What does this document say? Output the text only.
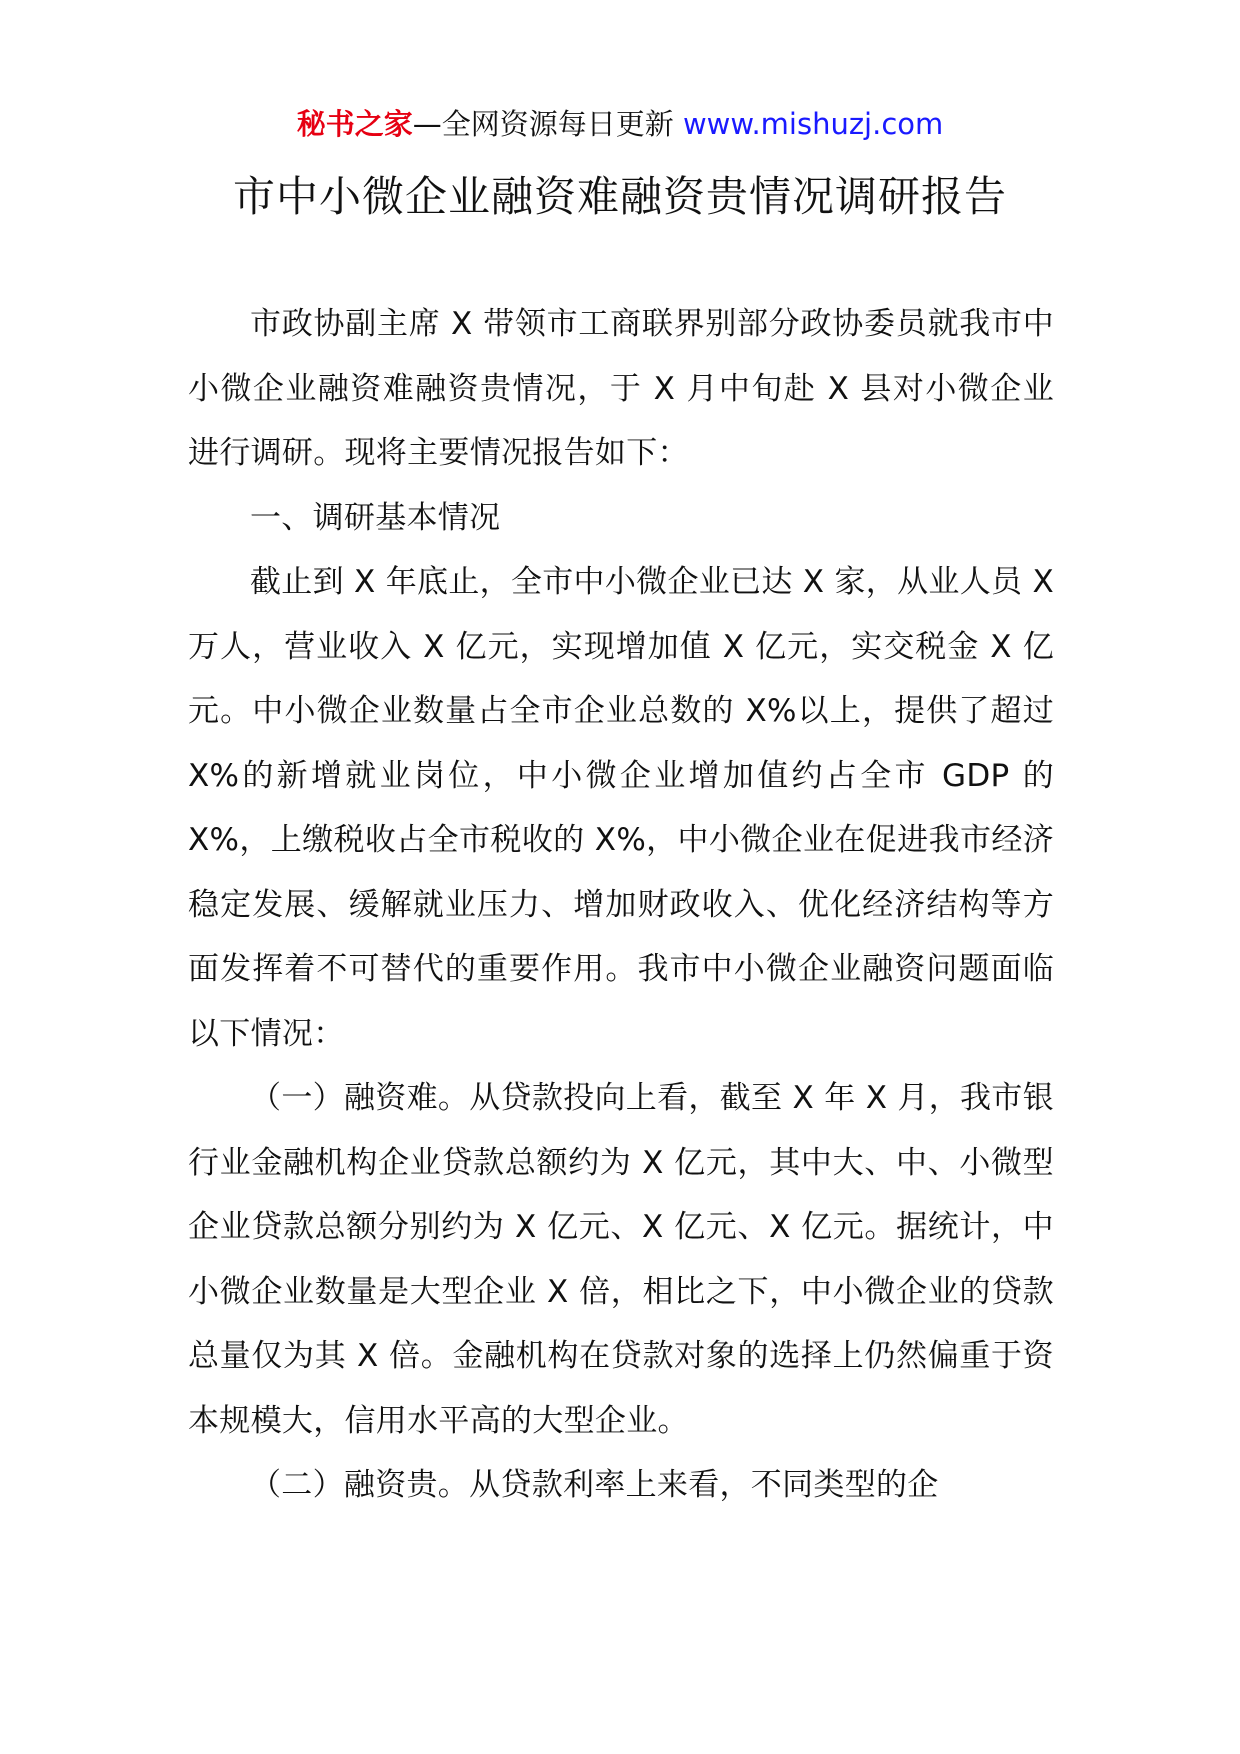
秘书之家—全网资源每日更新 www.mishuzj.com
市中小微企业融资难融资贵情况调研报告

市政协副主席 X 带领市工商联界别部分政协委员就我市中小微企业融资难融资贵情况，于 X 月中旬赴 X 县对小微企业进行调研。现将主要情况报告如下：

一、调研基本情况

截止到 X 年底止，全市中小微企业已达 X 家，从业人员 X 万人，营业收入 X 亿元，实现增加值 X 亿元，实交税金 X 亿元。中小微企业数量占全市企业总数的 X%以上，提供了超过 X%的新增就业岗位，中小微企业增加值约占全市 GDP 的 X%，上缴税收占全市税收的 X%，中小微企业在促进我市经济稳定发展、缓解就业压力、增加财政收入、优化经济结构等方面发挥着不可替代的重要作用。我市中小微企业融资问题面临以下情况：

（一）融资难。从贷款投向上看，截至 X 年 X 月，我市银行业金融机构企业贷款总额约为 X 亿元，其中大、中、小微型企业贷款总额分别约为 X 亿元、X 亿元、X 亿元。据统计，中小微企业数量是大型企业 X 倍，相比之下，中小微企业的贷款总量仅为其 X 倍。金融机构在贷款对象的选择上仍然偏重于资本规模大，信用水平高的大型企业。

（二）融资贵。从贷款利率上来看，不同类型的企
